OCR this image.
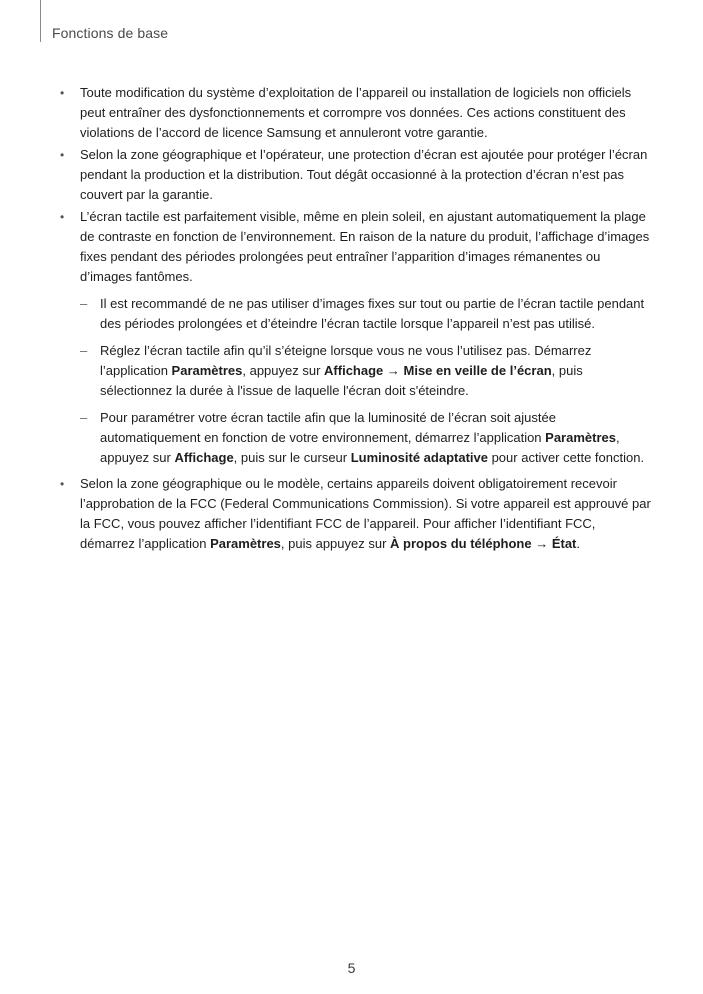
Fonctions de base
•	Toute modification du système d’exploitation de l’appareil ou installation de logiciels non officiels peut entraîner des dysfonctionnements et corrompre vos données. Ces actions constituent des violations de l’accord de licence Samsung et annuleront votre garantie.
•	Selon la zone géographique et l’opérateur, une protection d’écran est ajoutée pour protéger l’écran pendant la production et la distribution. Tout dégât occasionné à la protection d’écran n’est pas couvert par la garantie.
•	L’écran tactile est parfaitement visible, même en plein soleil, en ajustant automatiquement la plage de contraste en fonction de l’environnement. En raison de la nature du produit, l’affichage d’images fixes pendant des périodes prolongées peut entraîner l’apparition d’images rémanentes ou d’images fantômes.
– Il est recommandé de ne pas utiliser d’images fixes sur tout ou partie de l’écran tactile pendant des périodes prolongées et d’éteindre l’écran tactile lorsque l’appareil n’est pas utilisé.
– Réglez l’écran tactile afin qu’il s’éteigne lorsque vous ne vous l’utilisez pas. Démarrez l’application Paramètres, appuyez sur Affichage → Mise en veille de l’écran, puis sélectionnez la durée à l'issue de laquelle l'écran doit s'éteindre.
– Pour paramétrer votre écran tactile afin que la luminosité de l’écran soit ajustée automatiquement en fonction de votre environnement, démarrez l’application Paramètres, appuyez sur Affichage, puis sur le curseur Luminosité adaptative pour activer cette fonction.
•	Selon la zone géographique ou le modèle, certains appareils doivent obligatoirement recevoir l’approbation de la FCC (Federal Communications Commission). Si votre appareil est approuvé par la FCC, vous pouvez afficher l’identifiant FCC de l’appareil. Pour afficher l’identifiant FCC, démarrez l’application Paramètres, puis appuyez sur À propos du téléphone → État.
5
